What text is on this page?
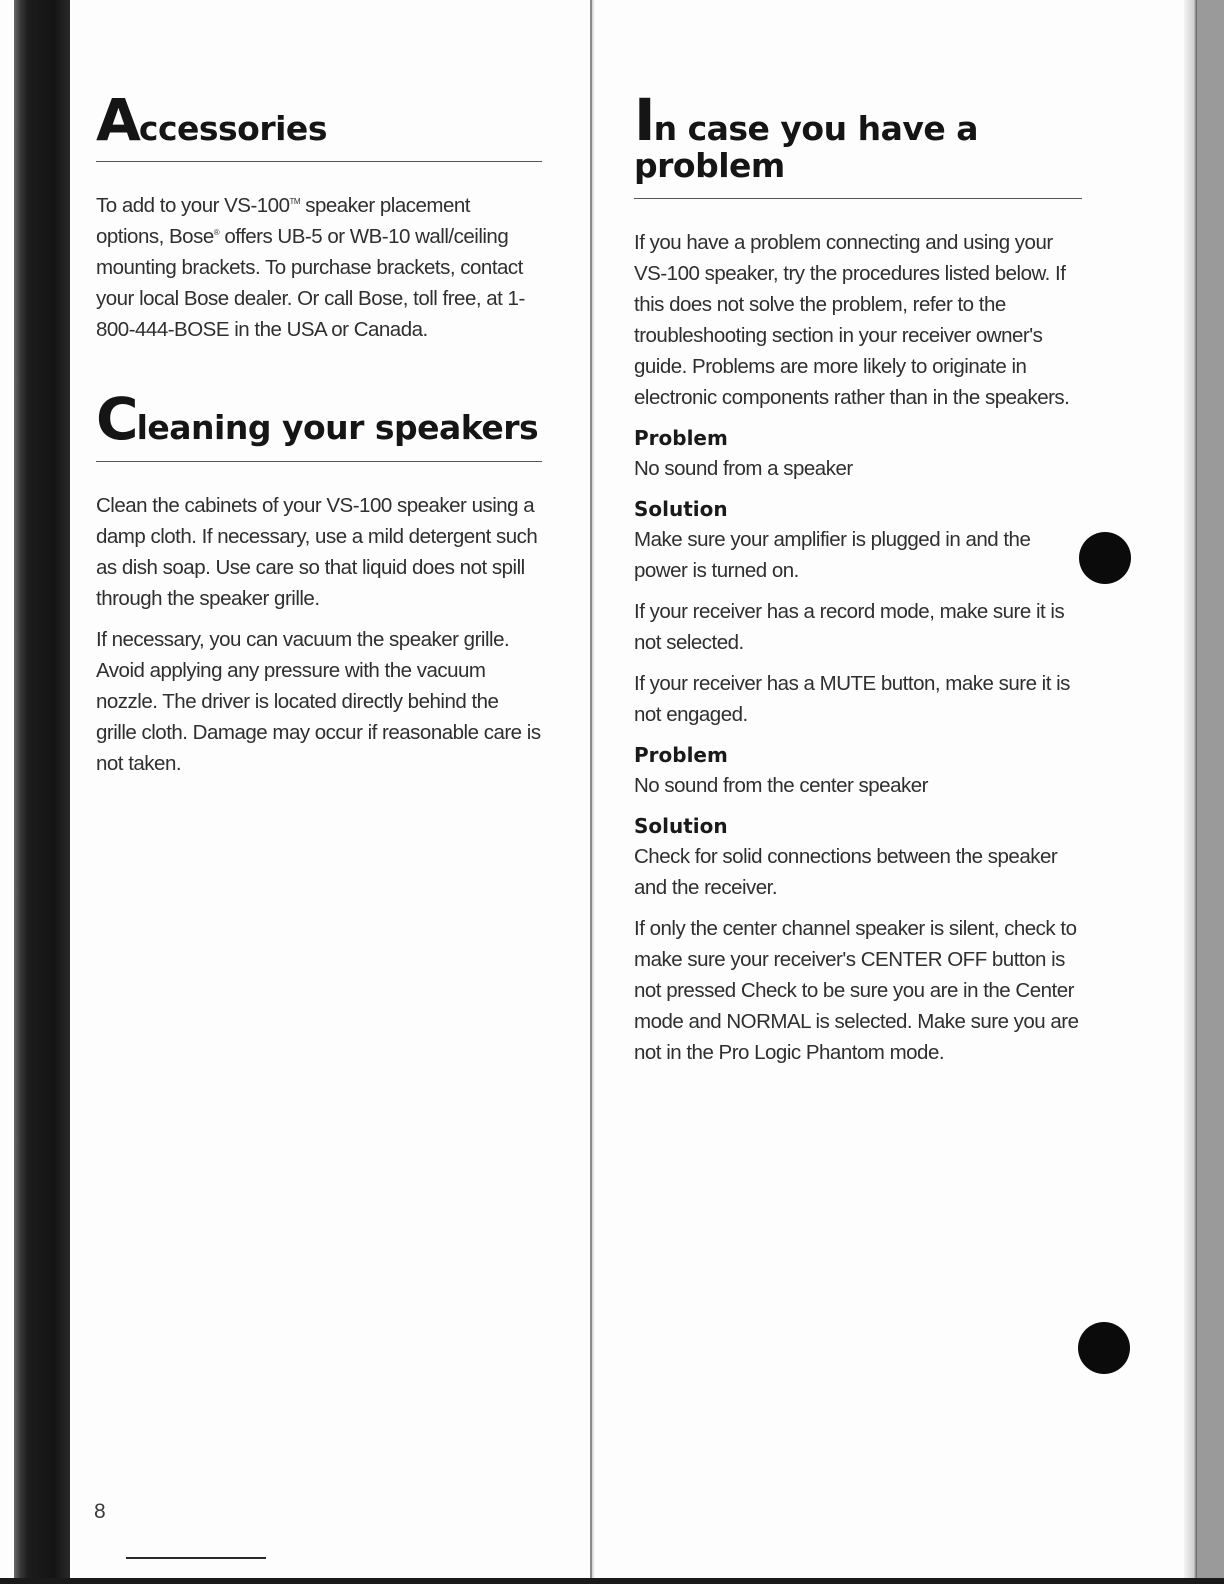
Accessories

To add to your VS-100™ speaker placement options, Bose® offers UB-5 or WB-10 wall/ceiling mounting brackets. To purchase brackets, contact your local Bose dealer. Or call Bose, toll free, at 1-800-444-BOSE in the USA or Canada.

Cleaning your speakers

Clean the cabinets of your VS-100 speaker using a damp cloth. If necessary, use a mild detergent such as dish soap. Use care so that liquid does not spill through the speaker grille.

If necessary, you can vacuum the speaker grille. Avoid applying any pressure with the vacuum nozzle. The driver is located directly behind the grille cloth. Damage may occur if reasonable care is not taken.

In case you have a
problem

If you have a problem connecting and using your VS-100 speaker, try the procedures listed below. If this does not solve the problem, refer to the troubleshooting section in your receiver owner's guide. Problems are more likely to originate in electronic components rather than in the speakers.

Problem

No sound from a speaker

Solution

Make sure your amplifier is plugged in and the power is turned on.

If your receiver has a record mode, make sure it is not selected.

If your receiver has a MUTE button, make sure it is not engaged.

Problem

No sound from the center speaker

Solution

Check for solid connections between the speaker and the receiver.

If only the center channel speaker is silent, check to make sure your receiver's CENTER OFF button is not pressed Check to be sure you are in the Center mode and NORMAL is selected. Make sure you are not in the Pro Logic Phantom mode.

8
